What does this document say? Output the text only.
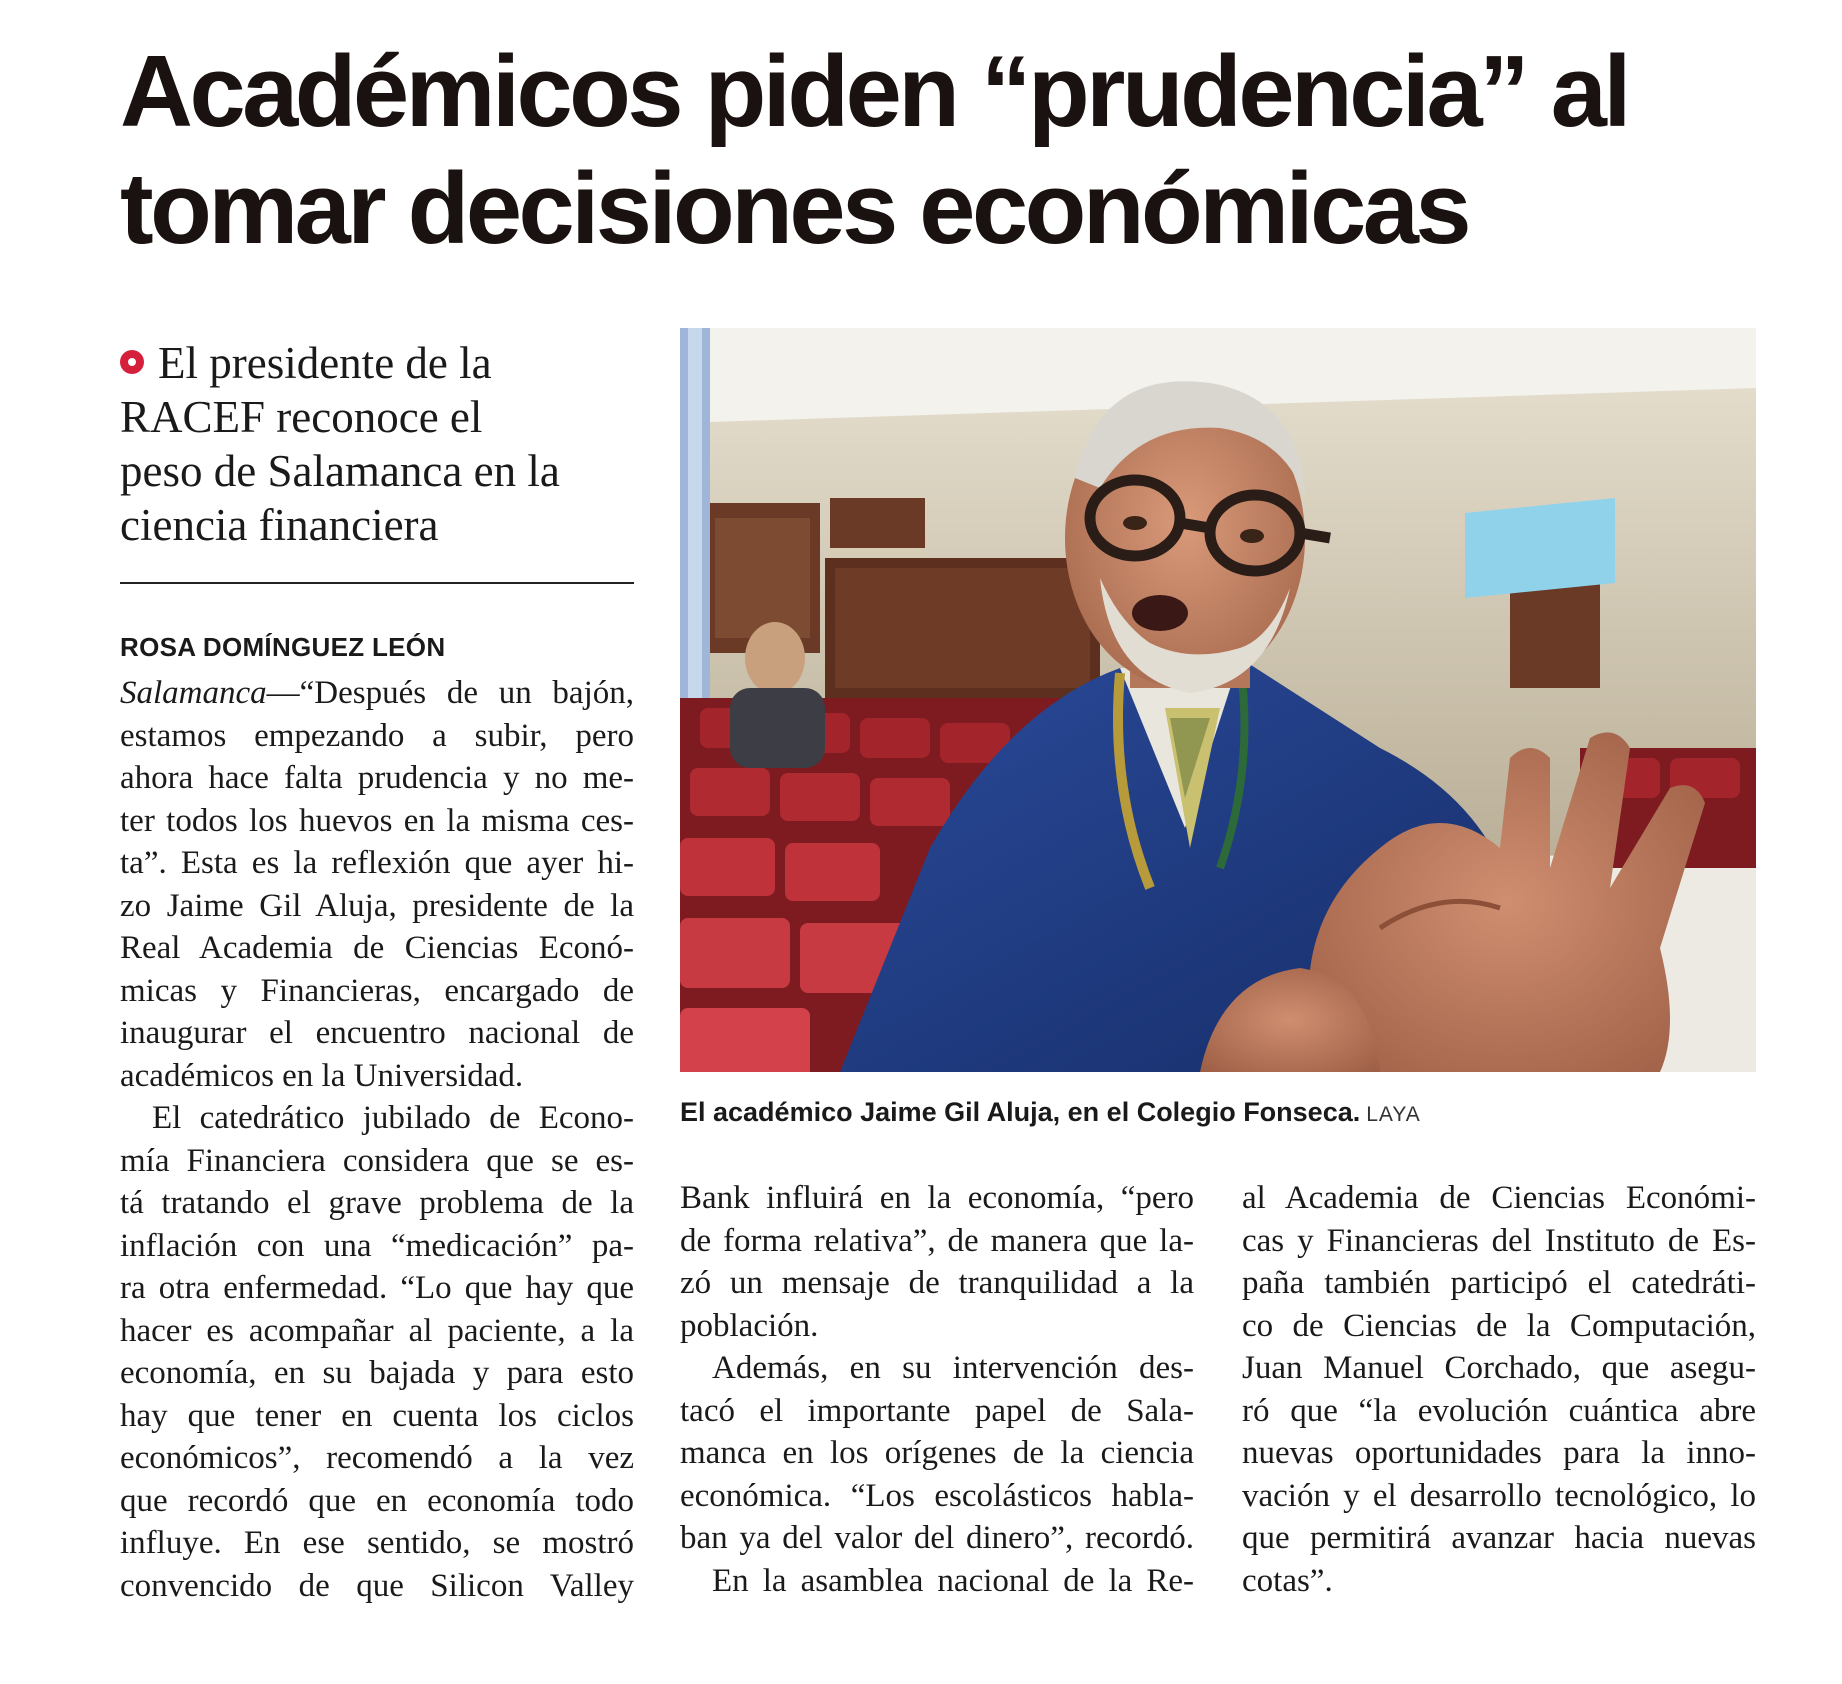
Académicos piden “prudencia” al
tomar decisiones económicas
El presidente de la
RACEF reconoce el
peso de Salamanca en la
ciencia financiera
ROSA DOMÍNGUEZ LEÓN
Salamanca—“Después de un bajón,
estamos empezando a subir, pero
ahora hace falta prudencia y no me-
ter todos los huevos en la misma ces-
ta”. Esta es la reflexión que ayer hi-
zo Jaime Gil Aluja, presidente de la
Real Academia de Ciencias Econó-
micas y Financieras, encargado de
inaugurar el encuentro nacional de
académicos en la Universidad.
El catedrático jubilado de Econo-
mía Financiera considera que se es-
tá tratando el grave problema de la
inflación con una “medicación” pa-
ra otra enfermedad. “Lo que hay que
hacer es acompañar al paciente, a la
economía, en su bajada y para esto
hay que tener en cuenta los ciclos
económicos”, recomendó a la vez
que recordó que en economía todo
influye. En ese sentido, se mostró
convencido de que Silicon Valley
El académico Jaime Gil Aluja, en el Colegio Fonseca. LAYA
Bank influirá en la economía, “pero
de forma relativa”, de manera que la-
zó un mensaje de tranquilidad a la
población.
Además, en su intervención des-
tacó el importante papel de Sala-
manca en los orígenes de la ciencia
económica. “Los escolásticos habla-
ban ya del valor del dinero”, recordó.
En la asamblea nacional de la Re-
al Academia de Ciencias Económi-
cas y Financieras del Instituto de Es-
paña también participó el catedráti-
co de Ciencias de la Computación,
Juan Manuel Corchado, que asegu-
ró que “la evolución cuántica abre
nuevas oportunidades para la inno-
vación y el desarrollo tecnológico, lo
que permitirá avanzar hacia nuevas
cotas”.
